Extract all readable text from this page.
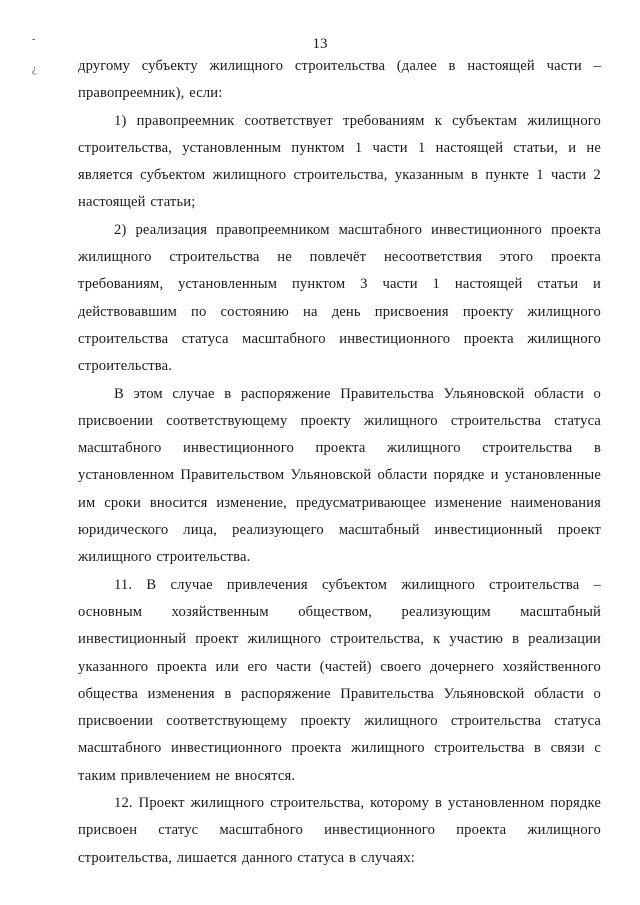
13
-
¿	другому субъекту жилищного строительства (далее в настоящей части – правопреемник), если:

1) правопреемник соответствует требованиям к субъектам жилищного строительства, установленным пунктом 1 части 1 настоящей статьи, и не является субъектом жилищного строительства, указанным в пункте 1 части 2 настоящей статьи;

2) реализация правопреемником масштабного инвестиционного проекта жилищного строительства не повлечёт несоответствия этого проекта требованиям, установленным пунктом 3 части 1 настоящей статьи и действовавшим по состоянию на день присвоения проекту жилищного строительства статуса масштабного инвестиционного проекта жилищного строительства.

В этом случае в распоряжение Правительства Ульяновской области о присвоении соответствующему проекту жилищного строительства статуса масштабного инвестиционного проекта жилищного строительства в установленном Правительством Ульяновской области порядке и установленные им сроки вносится изменение, предусматривающее изменение наименования юридического лица, реализующего масштабный инвестиционный проект жилищного строительства.

11. В случае привлечения субъектом жилищного строительства – основным хозяйственным обществом, реализующим масштабный инвестиционный проект жилищного строительства, к участию в реализации указанного проекта или его части (частей) своего дочернего хозяйственного общества изменения в распоряжение Правительства Ульяновской области о присвоении соответствующему проекту жилищного строительства статуса масштабного инвестиционного проекта жилищного строительства в связи с таким привлечением не вносятся.

12. Проект жилищного строительства, которому в установленном порядке присвоен статус масштабного инвестиционного проекта жилищного строительства, лишается данного статуса в случаях:
